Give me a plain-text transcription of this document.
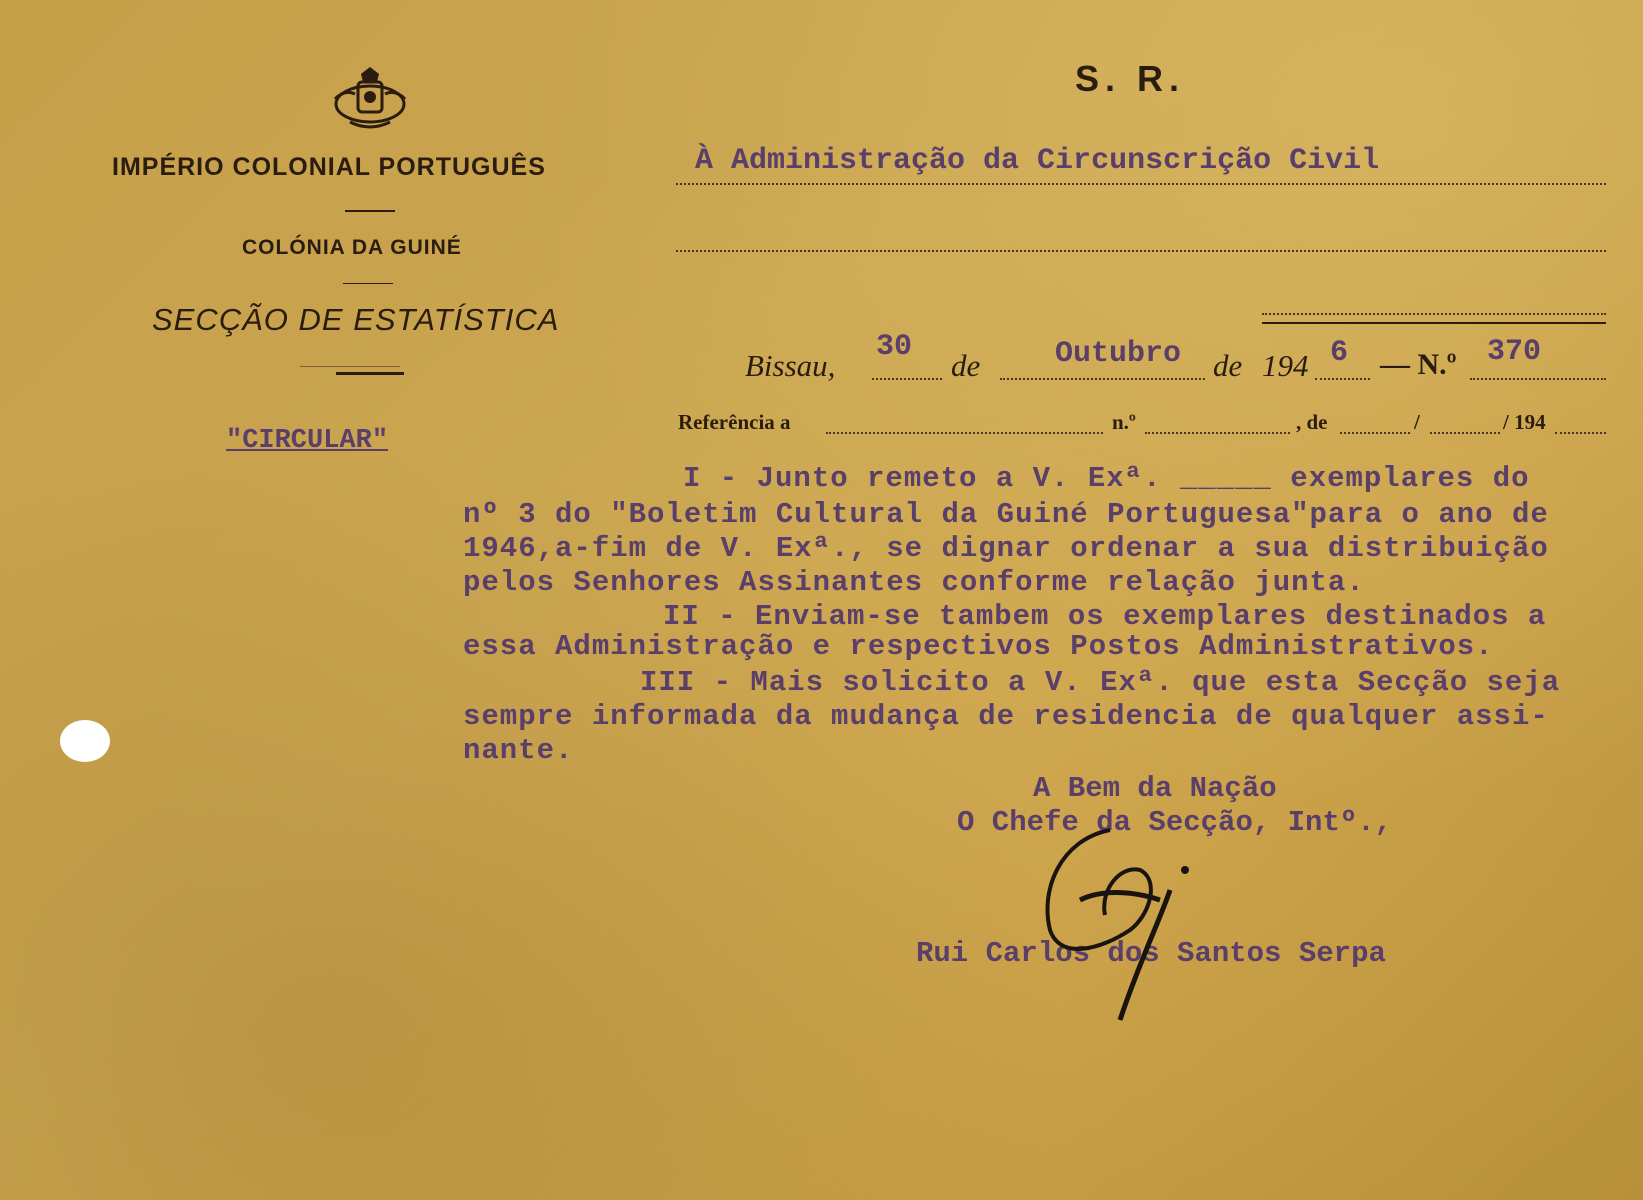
IMPÉRIO COLONIAL PORTUGUÊS
COLÓNIA DA GUINÉ
SECÇÃO DE ESTATÍSTICA
"CIRCULAR"
S. R.
À Administração da Circunscrição Civil
Bissau,
30
de Outubro de 194 6 — N.º 370
Referência a	n.º	, de	/	/ 194
I - Junto remeto a V. Exª. _____ exemplares do
nº 3 do "Boletim Cultural da Guiné Portuguesa"para o ano de
1946,a-fim de V. Exª., se dignar ordenar a sua distribuição
pelos Senhores Assinantes conforme relação junta.
II - Enviam-se tambem os exemplares destinados a
essa Administração e respectivos Postos Administrativos.
III - Mais solicito a V. Exª. que esta Secção seja
sempre informada da mudança de residencia de qualquer assi-
nante.
A Bem da Nação
O Chefe da Secção, Intº.,
Rui Carlos dos Santos Serpa
